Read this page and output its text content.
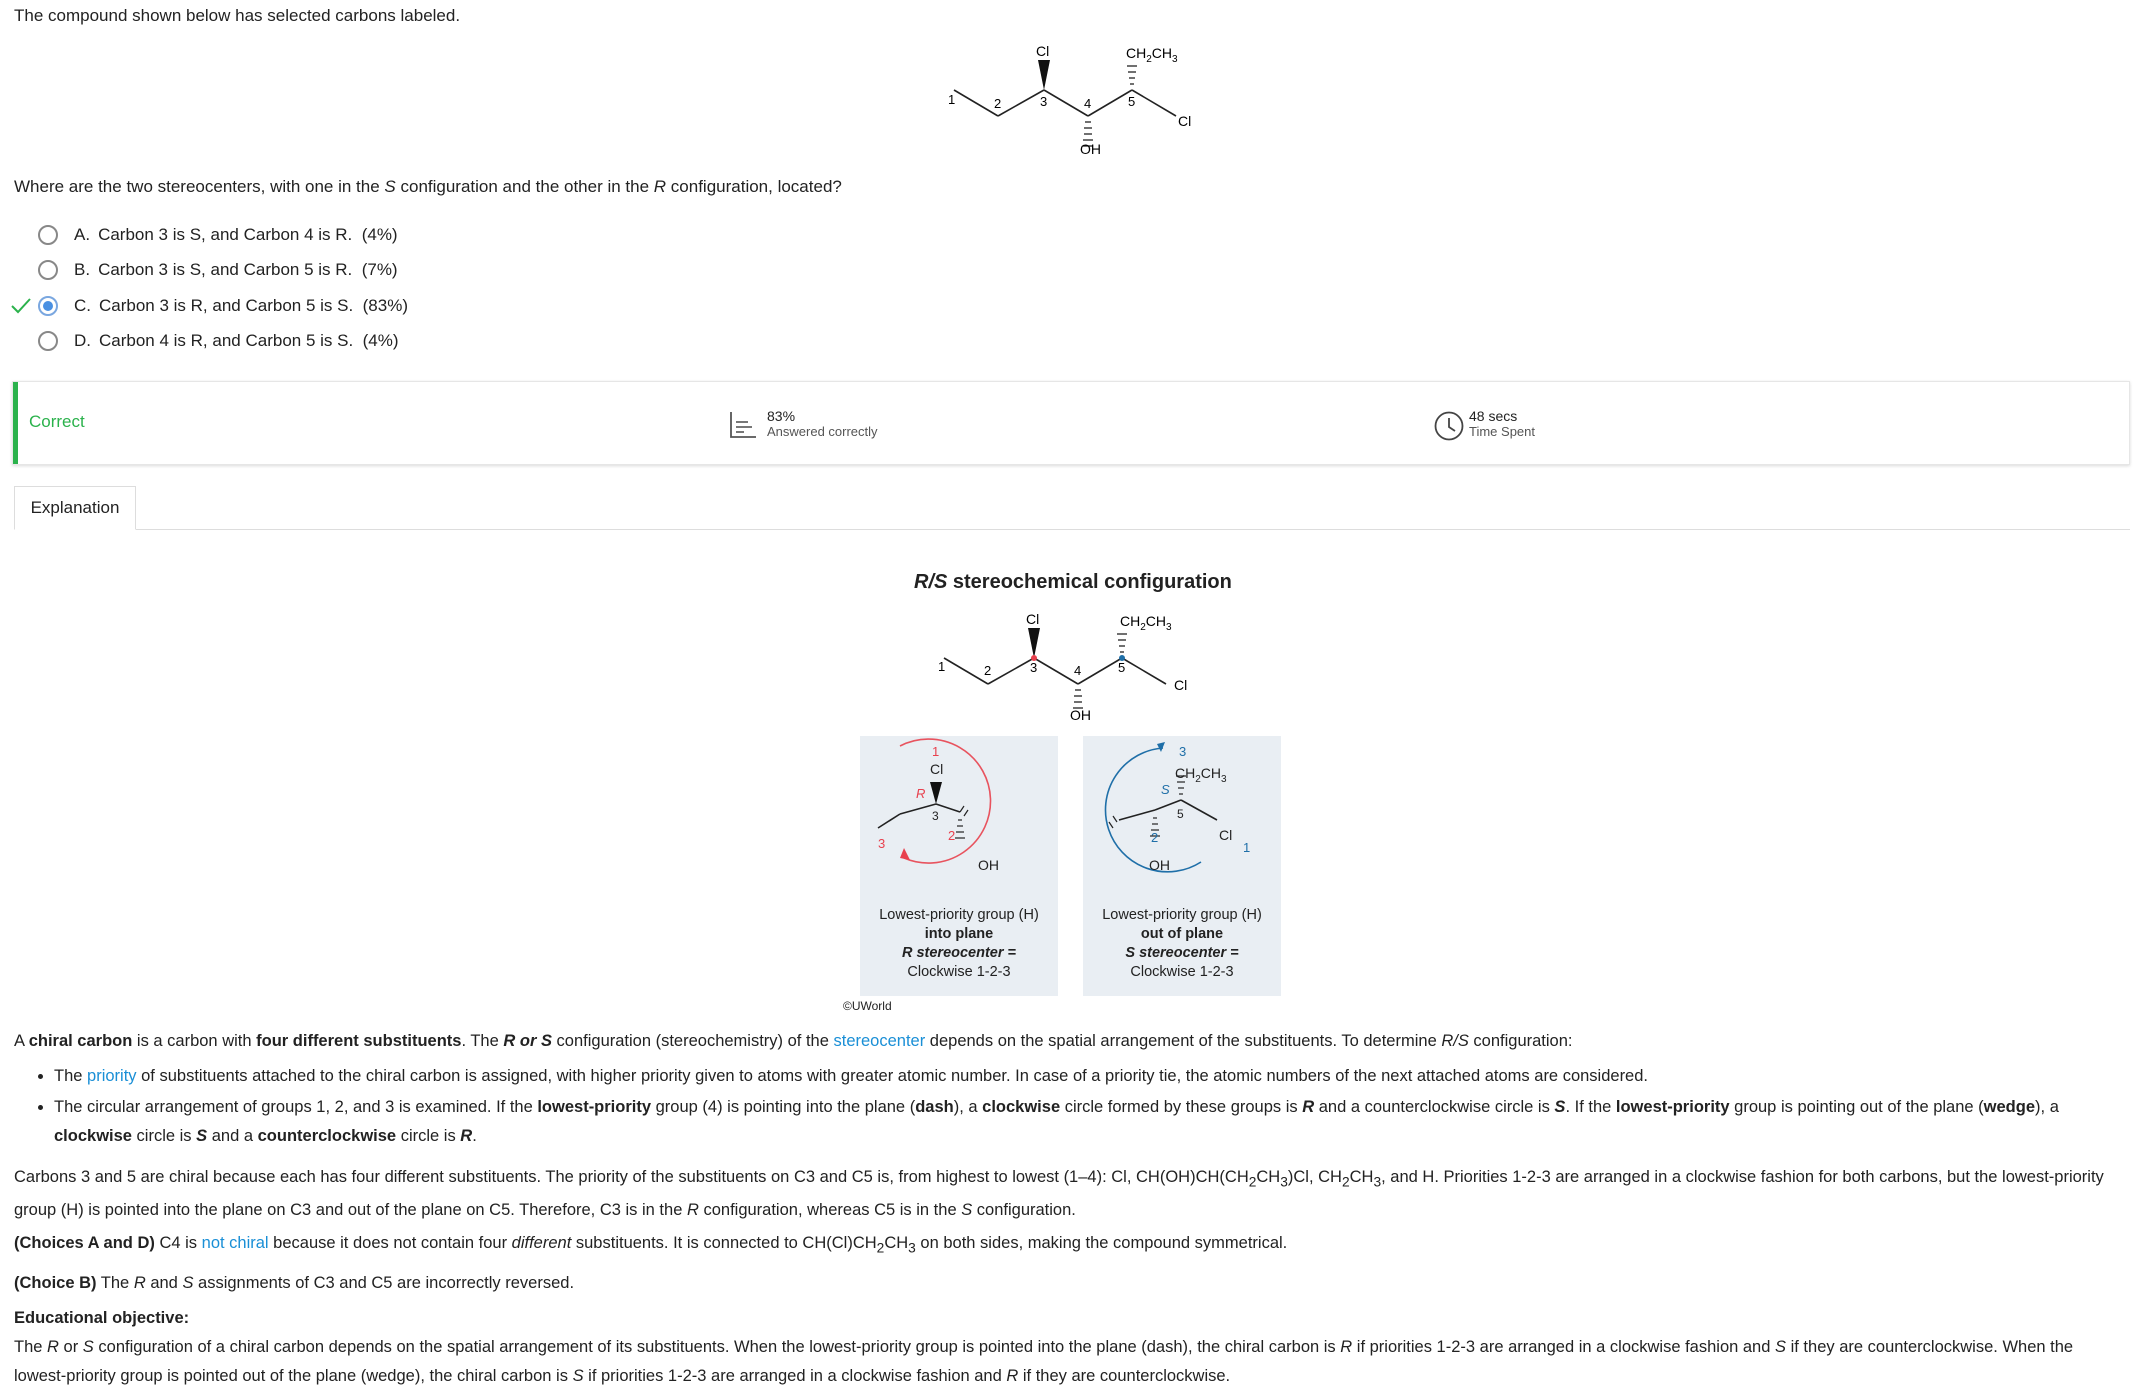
The compound shown below has selected carbons labeled.
1	2	3	4	5
Cl
Cl
OH
$CH_2CH_3$
Where are the two stereocenters, with one in the S configuration and the other in the R configuration, located?
A. Carbon 3 is S, and Carbon 4 is R.
(4%)
B. Carbon 3 is S, and Carbon 5 is R.
(7%)
C. Carbon 3 is R, and Carbon 5 is S.
(83%)
D. Carbon 4 is R, and Carbon 5 is S.
(4%)
Correct	83%
Answered correctly
48 secs
Time Spent
Explanation
R/S stereochemical configuration
1	2	3	4	5
Cl
Cl
OH
$CH_2CH_3$
1
Cl
R
3
2
3
OH
Lowest-priority group (H)
into plane
R stereocenter =
Clockwise 1-2-3
3
$CH_2CH_3$
S
5
Cl
1
OH
2
Lowest-priority group (H)
out of plane
S stereocenter =
Clockwise 1-2-3
©UWorld
A chiral carbon is a carbon with four different substituents. The R or S configuration (stereochemistry) of the stereocenter depends on the spatial arrangement of the substituents. To determine R/S configuration:
• The priority of substituents attached to the chiral carbon is assigned, with higher priority given to atoms with greater atomic number. In case of a priority tie, the atomic numbers of the next attached atoms are considered.
• The circular arrangement of groups 1, 2, and 3 is examined. If the lowest-priority group (4) is pointing into the plane (dash), a clockwise circle formed by these groups is R and a counterclockwise circle is S. If the lowest-priority group is pointing out of the plane (wedge), a clockwise circle is S and a counterclockwise circle is R.
Carbons 3 and 5 are chiral because each has four different substituents. The priority of the substituents on C3 and C5 is, from highest to lowest (1–4): Cl, $CH(OH)CH(CH_2CH_3)Cl$, $CH_2CH_3$, and H. Priorities 1-2-3 are arranged in a clockwise fashion for both carbons, but the lowest-priority group (H) is pointed into the plane on C3 and out of the plane on C5. Therefore, C3 is in the R configuration, whereas C5 is in the S configuration.
(Choices A and D) C4 is not chiral because it does not contain four different substituents. It is connected to $CH(Cl)CH_2CH_3$ on both sides, making the compound symmetrical.
(Choice B) The R and S assignments of C3 and C5 are incorrectly reversed.
Educational objective:
The R or S configuration of a chiral carbon depends on the spatial arrangement of its substituents. When the lowest-priority group is pointed into the plane (dash), the chiral carbon is R if priorities 1-2-3 are arranged in a clockwise fashion and S if they are counterclockwise. When the lowest-priority group is pointed out of the plane (wedge), the chiral carbon is S if priorities 1-2-3 are arranged in a clockwise fashion and R if they are counterclockwise.
